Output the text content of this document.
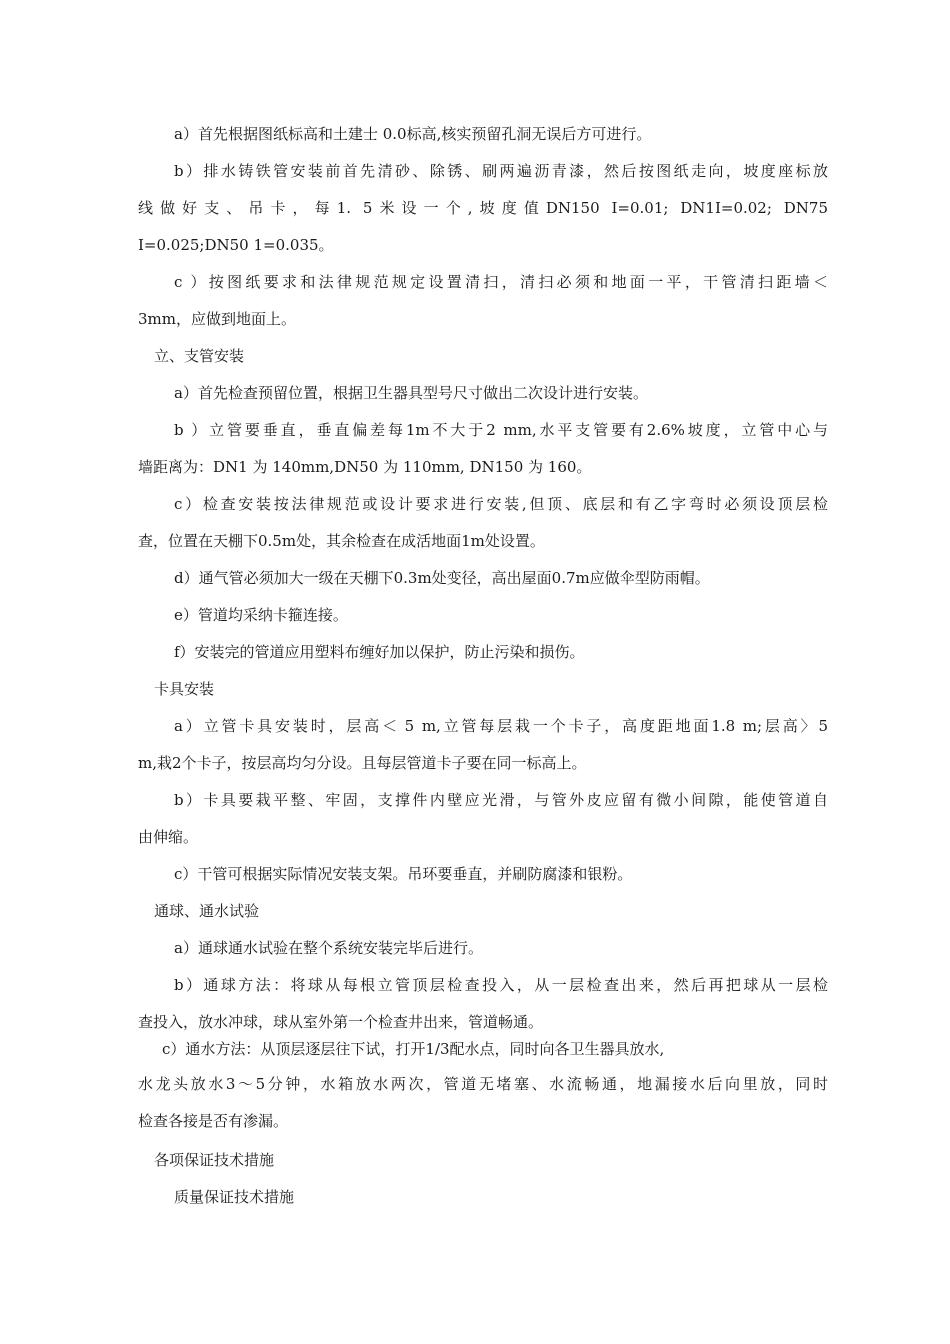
a）首先根据图纸标高和土建士 0.0标高,核实预留孔洞无误后方可进行。
b）排水铸铁管安装前首先清砂、除锈、刷两遍沥青漆，然后按图纸走向，坡度座标放
线做好支、吊卡，每1. 5米设一个,坡度值DN150 I=0.01; DN1I=0.02; DN75
I=0.025;DN50 1=0.035。
c ）按图纸要求和法律规范规定设置清扫，清扫必须和地面一平，干管清扫距墙＜
3mm，应做到地面上。
立、支管安装
a）首先检查预留位置，根据卫生器具型号尺寸做出二次设计进行安装。
b ）立管要垂直，垂直偏差每1m不大于2 mm,水平支管要有2.6%坡度，立管中心与
墙距离为：DN1 为 140mm,DN50 为 110mm, DN150 为 160。
c）检查安装按法律规范或设计要求进行安装,但顶、底层和有乙字弯时必须设顶层检
查，位置在天棚下0.5m处，其余检查在成活地面1m处设置。
d）通气管必须加大一级在天棚下0.3m处变径，高出屋面0.7m应做伞型防雨帽。
e）管道均采纳卡箍连接。
f）安装完的管道应用塑料布缠好加以保护，防止污染和损伤。
卡具安装
a）立管卡具安装时，层高＜ 5 m,立管每层栽一个卡子，高度距地面1.8 m;层高〉5
m,栽2个卡子，按层高均匀分设。且每层管道卡子要在同一标高上。
b）卡具要栽平整、牢固，支撑件内壁应光滑，与管外皮应留有微小间隙，能使管道自
由伸缩。
c）干管可根据实际情况安装支架。吊环要垂直，并刷防腐漆和银粉。
通球、通水试验
a）通球通水试验在整个系统安装完毕后进行。
b）通球方法：将球从每根立管顶层检查投入，从一层检查出来，然后再把球从一层检
查投入，放水冲球，球从室外第一个检查井出来，管道畅通。
c）通水方法：从顶层逐层往下试，打开1/3配水点，同时向各卫生器具放水,
水龙头放水3〜5分钟，水箱放水两次，管道无堵塞、水流畅通，地漏接水后向里放，同时
检查各接是否有渗漏。
各项保证技术措施
质量保证技术措施
